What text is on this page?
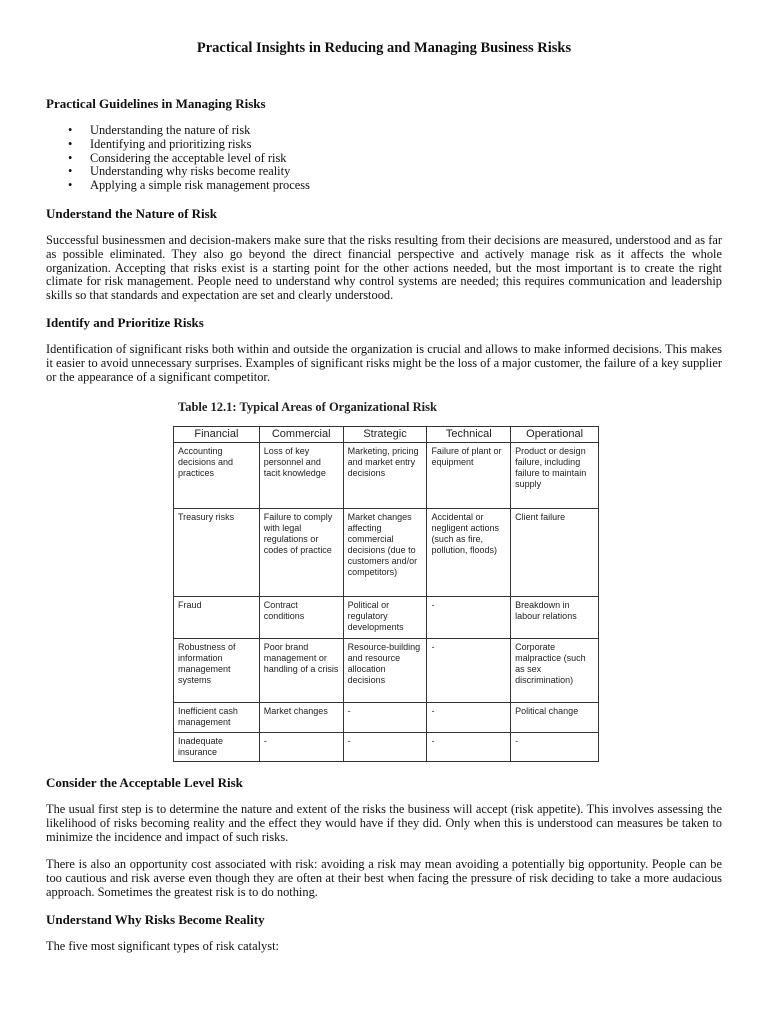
Practical Insights in Reducing and Managing Business Risks
Practical Guidelines in Managing Risks
• Understanding the nature of risk
• Identifying and prioritizing risks
• Considering the acceptable level of risk
• Understanding why risks become reality
• Applying a simple risk management process
Understand the Nature of Risk

Successful businessmen and decision-makers make sure that the risks resulting from their decisions are measured, understood and as far as possible eliminated. They also go beyond the direct financial perspective and actively manage risk as it affects the whole organization. Accepting that risks exist is a starting point for the other actions needed, but the most important is to create the right climate for risk management. People need to understand why control systems are needed; this requires communication and leadership skills so that standards and expectation are set and clearly understood.

Identify and Prioritize Risks

Identification of significant risks both within and outside the organization is crucial and allows to make informed decisions. This makes it easier to avoid unnecessary surprises. Examples of significant risks might be the loss of a major customer, the failure of a key supplier or the appearance of a significant competitor.

Table 12.1: Typical Areas of Organizational Risk
Financial	Commercial	Strategic	Technical	Operational
Accounting decisions and practices	Loss of key personnel and tacit knowledge	Marketing, pricing and market entry decisions	Failure of plant or equipment	Product or design failure, including failure to maintain supply
Treasury risks	Failure to comply with legal regulations or codes of practice	Market changes affecting commercial decisions (due to customers and/or competitors)	Accidental or negligent actions (such as fire, pollution, floods)	Client failure
Fraud	Contract conditions	Political or regulatory developments	-	Breakdown in labour relations
Robustness of information management systems	Poor brand management or handling of a crisis	Resource-building and resource allocation decisions	-	Corporate malpractice (such as sex discrimination)
Inefficient cash management	Market changes	-	-	Political change
Inadequate insurance	-	-	-	-
Consider the Acceptable Level Risk

The usual first step is to determine the nature and extent of the risks the business will accept (risk appetite). This involves assessing the likelihood of risks becoming reality and the effect they would have if they did. Only when this is understood can measures be taken to minimize the incidence and impact of such risks.

There is also an opportunity cost associated with risk: avoiding a risk may mean avoiding a potentially big opportunity. People can be too cautious and risk averse even though they are often at their best when facing the pressure of risk deciding to take a more audacious approach. Sometimes the greatest risk is to do nothing.

Understand Why Risks Become Reality

The five most significant types of risk catalyst:
